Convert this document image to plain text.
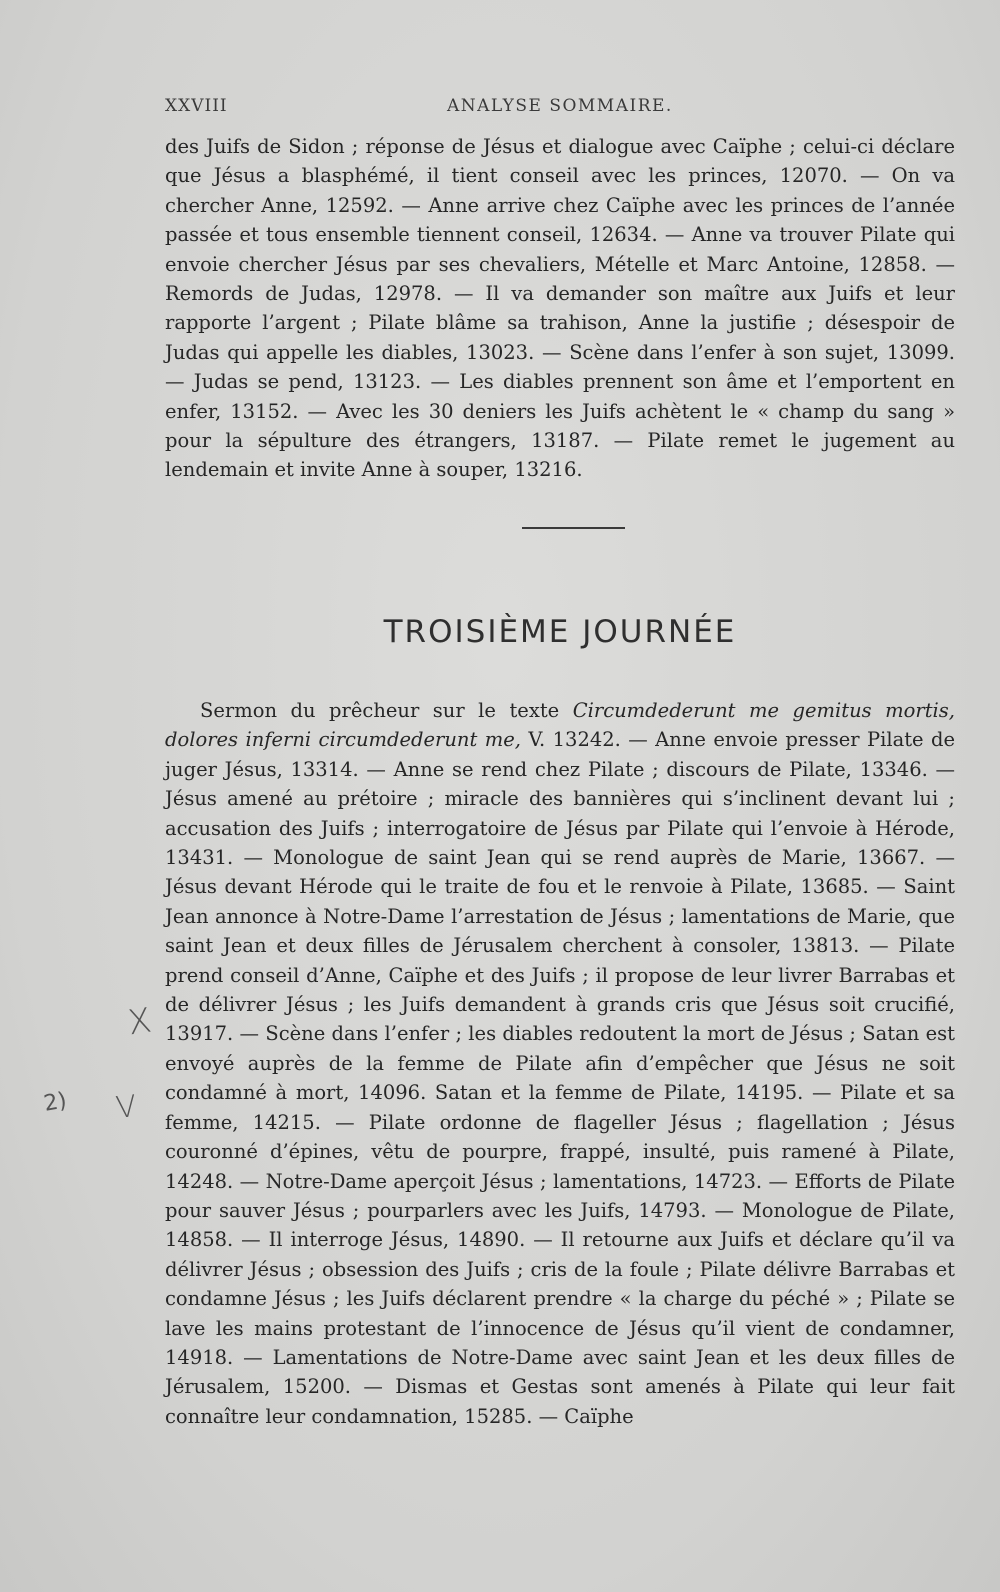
XXVIII	ANALYSE SOMMAIRE.

des Juifs de Sidon ; réponse de Jésus et dialogue avec Caïphe ; celui-ci déclare que Jésus a blasphémé, il tient conseil avec les princes, 12070. — On va chercher Anne, 12592. — Anne arrive chez Caïphe avec les princes de l’année passée et tous ensemble tiennent conseil, 12634. — Anne va trouver Pilate qui envoie chercher Jésus par ses chevaliers, Mételle et Marc Antoine, 12858. — Remords de Judas, 12978. — Il va demander son maître aux Juifs et leur rapporte l’argent ; Pilate blâme sa trahison, Anne la justifie ; désespoir de Judas qui appelle les diables, 13023. — Scène dans l’enfer à son sujet, 13099. — Judas se pend, 13123. — Les diables prennent son âme et l’emportent en enfer, 13152. — Avec les 30 deniers les Juifs achètent le « champ du sang » pour la sépulture des étrangers, 13187. — Pilate remet le jugement au lendemain et invite Anne à souper, 13216.

TROISIÈME JOURNÉE

Sermon du prêcheur sur le texte Circumdederunt me gemitus mortis, dolores inferni circumdederunt me, V. 13242. — Anne envoie presser Pilate de juger Jésus, 13314. — Anne se rend chez Pilate ; discours de Pilate, 13346. — Jésus amené au prétoire ; miracle des bannières qui s’inclinent devant lui ; accusation des Juifs ; interrogatoire de Jésus par Pilate qui l’envoie à Hérode, 13431. — Monologue de saint Jean qui se rend auprès de Marie, 13667. — Jésus devant Hérode qui le traite de fou et le renvoie à Pilate, 13685. — Saint Jean annonce à Notre-Dame l’arrestation de Jésus ; lamentations de Marie, que saint Jean et deux filles de Jérusalem cherchent à consoler, 13813. — Pilate prend conseil d’Anne, Caïphe et des Juifs ; il propose de leur livrer Barrabas et de délivrer Jésus ; les Juifs demandent à grands cris que Jésus soit crucifié, 13917. — Scène dans l’enfer ; les diables redoutent la mort de Jésus ; Satan est envoyé auprès de la femme de Pilate afin d’empêcher que Jésus ne soit condamné à mort, 14096. Satan et la femme de Pilate, 14195. — Pilate et sa femme, 14215. — Pilate ordonne de flageller Jésus ; flagellation ; Jésus couronné d’épines, vêtu de pourpre, frappé, insulté, puis ramené à Pilate, 14248. — Notre-Dame aperçoit Jésus ; lamentations, 14723. — Efforts de Pilate pour sauver Jésus ; pourparlers avec les Juifs, 14793. — Monologue de Pilate, 14858. — Il interroge Jésus, 14890. — Il retourne aux Juifs et déclare qu’il va délivrer Jésus ; obsession des Juifs ; cris de la foule ; Pilate délivre Barrabas et condamne Jésus ; les Juifs déclarent prendre « la charge du péché » ; Pilate se lave les mains protestant de l’innocence de Jésus qu’il vient de condamner, 14918. — Lamentations de Notre-Dame avec saint Jean et les deux filles de Jérusalem, 15200. — Dismas et Gestas sont amenés à Pilate qui leur fait connaître leur condamnation, 15285. — Caïphe

X
2) V
